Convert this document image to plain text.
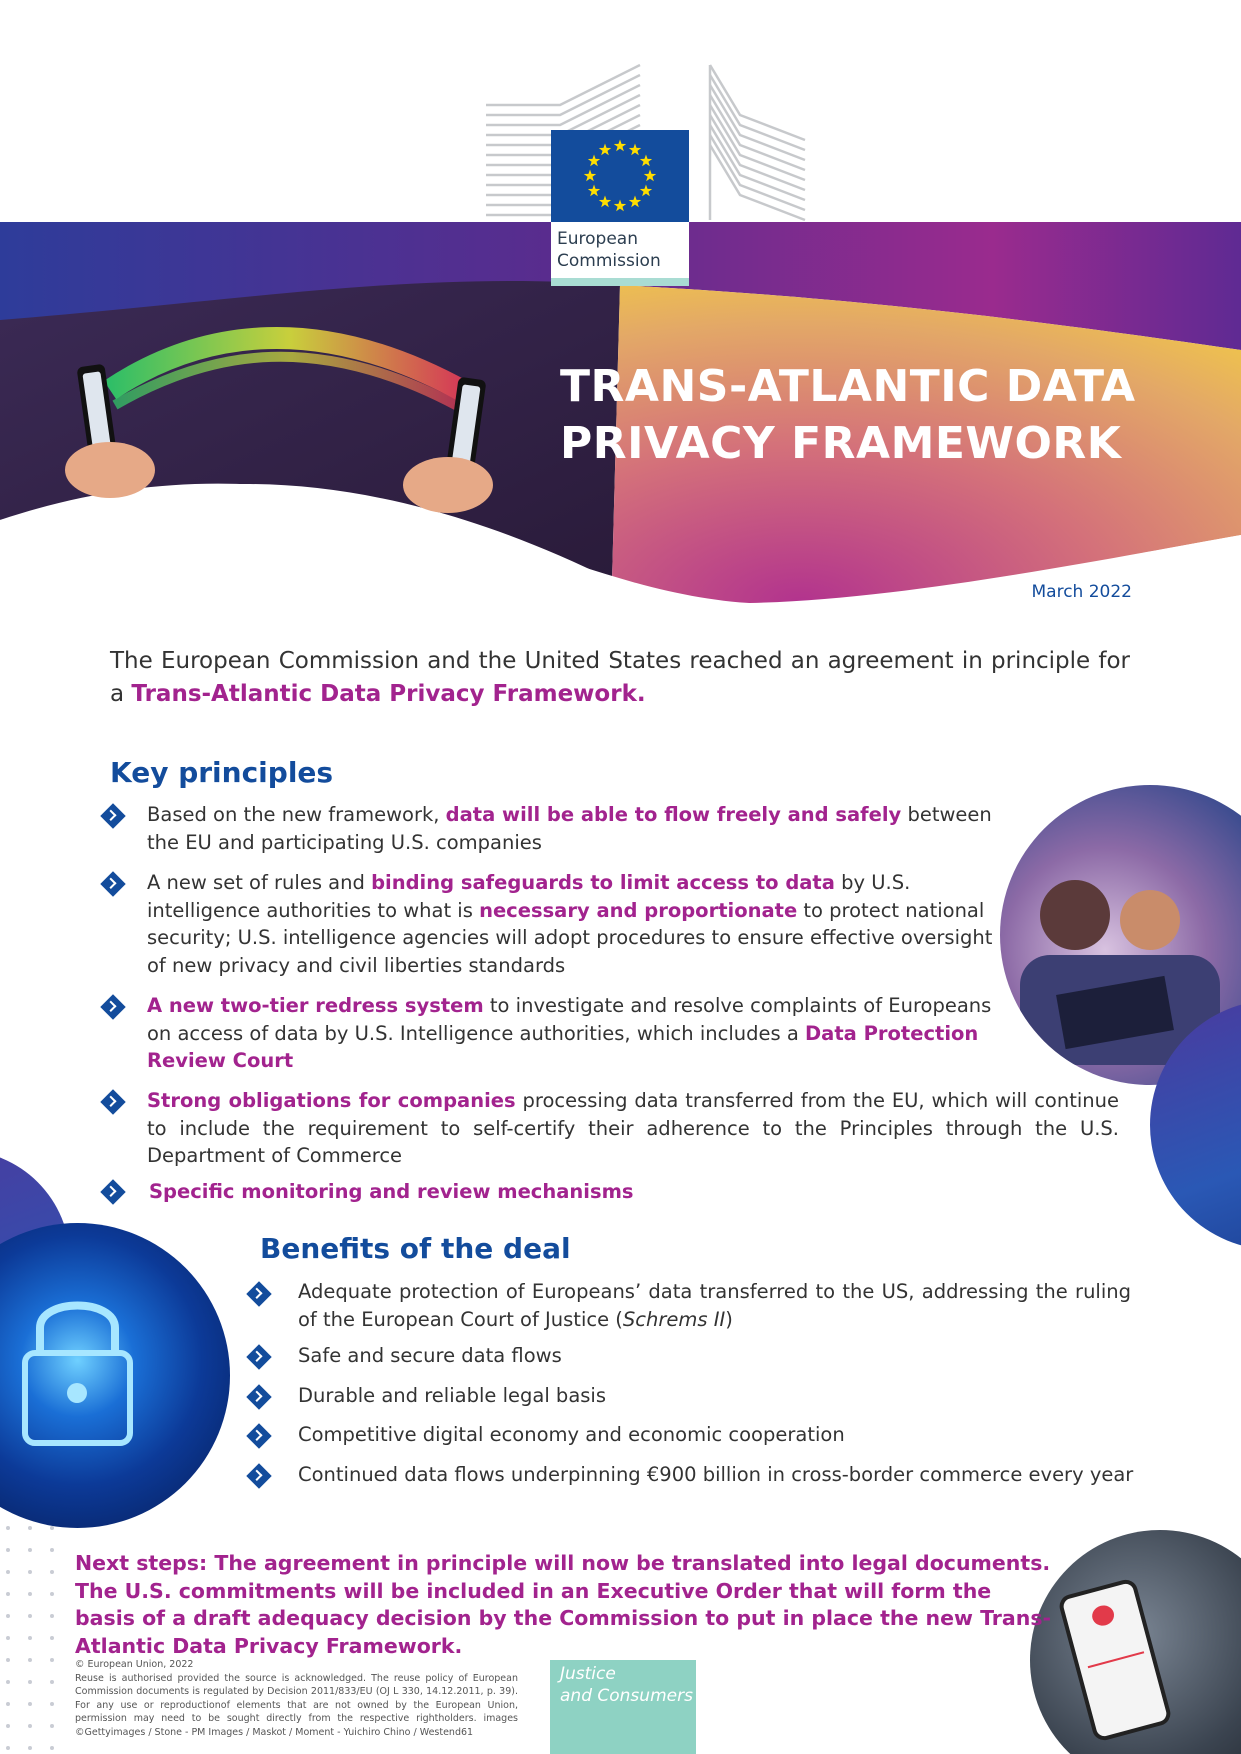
European
Commission
TRANS-ATLANTIC DATA
PRIVACY FRAMEWORK
March 2022
The European Commission and the United States reached an agreement in principle for a Trans-Atlantic Data Privacy Framework.
Key principles
Based on the new framework, data will be able to flow freely and safely between the EU and participating U.S. companies
A new set of rules and binding safeguards to limit access to data by U.S. intelligence authorities to what is necessary and proportionate to protect national security; U.S. intelligence agencies will adopt procedures to ensure effective oversight of new privacy and civil liberties standards
A new two-tier redress system to investigate and resolve complaints of Europeans on access of data by U.S. Intelligence authorities, which includes a Data Protection Review Court
Strong obligations for companies processing data transferred from the EU, which will continue to include the requirement to self-certify their adherence to the Principles through the U.S. Department of Commerce
Specific monitoring and review mechanisms
Benefits of the deal
Adequate protection of Europeans’ data transferred to the US, addressing the ruling of the European Court of Justice (Schrems II)
Safe and secure data flows
Durable and reliable legal basis
Competitive digital economy and economic cooperation
Continued data flows underpinning €900 billion in cross-border commerce every year
Next steps: The agreement in principle will now be translated into legal documents. The U.S. commitments will be included in an Executive Order that will form the basis of a draft adequacy decision by the Commission to put in place the new Trans-Atlantic Data Privacy Framework.
© European Union, 2022
Reuse is authorised provided the source is acknowledged. The reuse policy of European Commission documents is regulated by Decision 2011/833/EU (OJ L 330, 14.12.2011, p. 39). For any use or reproductionof elements that are not owned by the European Union, permission may need to be sought directly from the respective rightholders. images ©Gettyimages / Stone - PM Images / Maskot / Moment - Yuichiro Chino / Westend61
Justice
and Consumers
